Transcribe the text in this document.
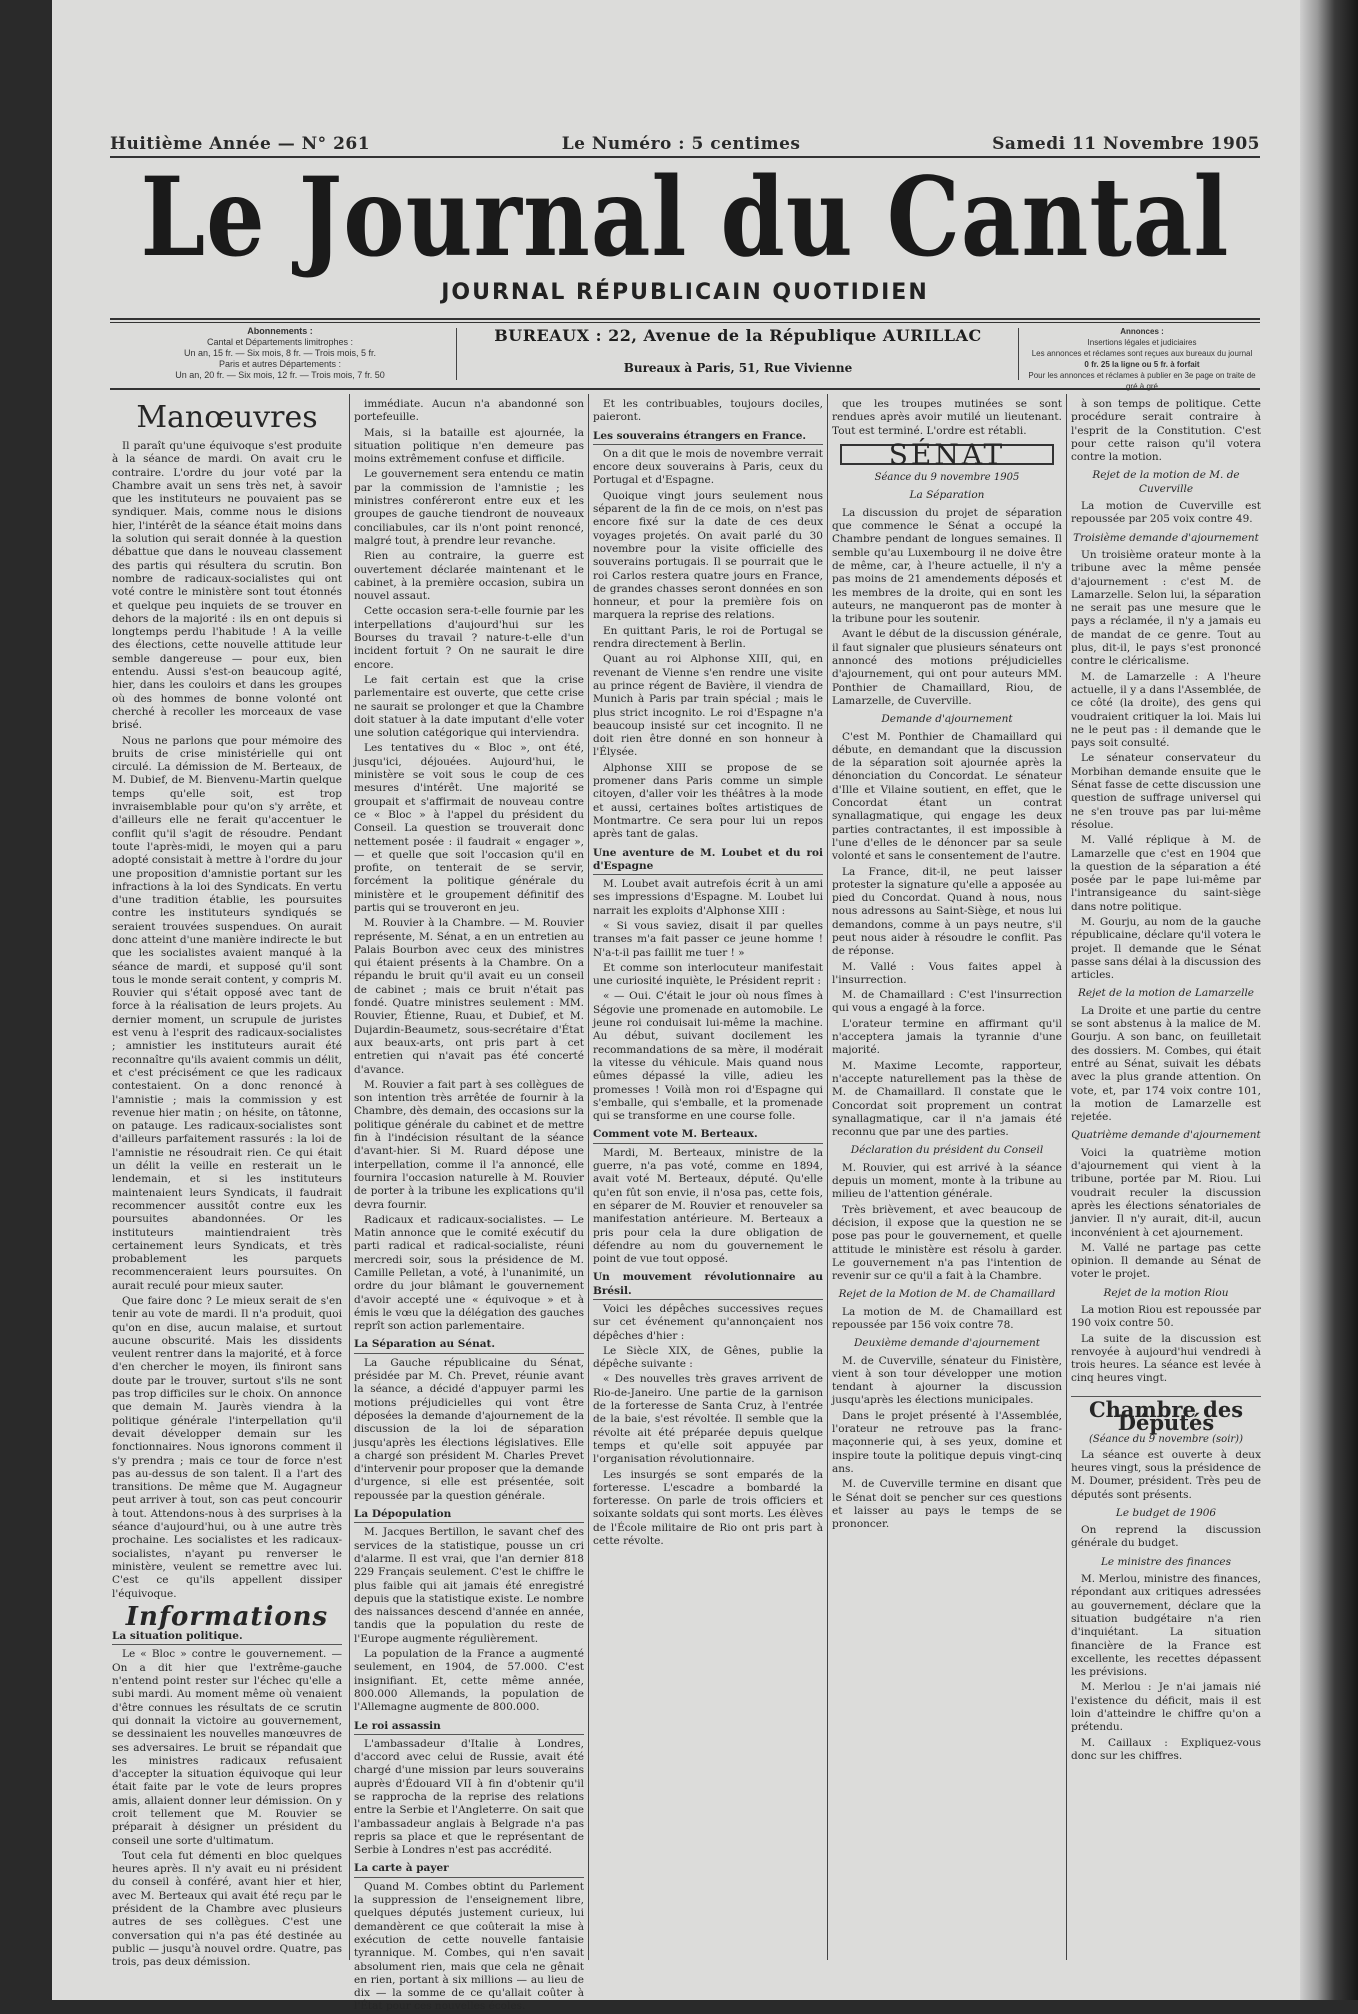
Huitième Année — N° 261	Le Numéro : 5 centimes	Samedi 11 Novembre 1905
Le Journal du Cantal
JOURNAL RÉPUBLICAIN QUOTIDIEN
Abonnements :
Cantal et Départements limitrophes :
Un an, 15 fr. — Six mois, 8 fr. — Trois mois, 5 fr.
Paris et autres Départements :
Un an, 20 fr. — Six mois, 12 fr. — Trois mois, 7 fr. 50
BUREAUX : 22, Avenue de la République AURILLAC
Bureaux à Paris, 51, Rue Vivienne
Annonces :
Insertions légales et judiciaires
Les annonces et réclames sont reçues aux bureaux du journal
0 fr. 25 la ligne ou 5 fr. à forfait
Pour les annonces et réclames à publier en 3e page on traite de gré à gré
Manœuvres

Il paraît qu'une équivoque s'est produite à la séance de mardi. On avait cru le contraire. L'ordre du jour voté par la Chambre avait un sens très net, à savoir que les instituteurs ne pouvaient pas se syndiquer. Mais, comme nous le disions hier, l'intérêt de la séance était moins dans la solution qui serait donnée à la question débattue que dans le nouveau classement des partis qui résultera du scrutin. Bon nombre de radicaux-socialistes qui ont voté contre le ministère sont tout étonnés et quelque peu inquiets de se trouver en dehors de la majorité : ils en ont depuis si longtemps perdu l'habitude ! A la veille des élections, cette nouvelle attitude leur semble dangereuse — pour eux, bien entendu. Aussi s'est-on beaucoup agité, hier, dans les couloirs et dans les groupes où des hommes de bonne volonté ont cherché à recoller les morceaux de vase brisé.

Nous ne parlons que pour mémoire des bruits de crise ministérielle qui ont circulé. La démission de M. Berteaux, de M. Dubief, de M. Bienvenu-Martin quelque temps qu'elle soit, est trop invraisemblable pour qu'on s'y arrête, et d'ailleurs elle ne ferait qu'accentuer le conflit qu'il s'agit de résoudre. Pendant toute l'après-midi, le moyen qui a paru adopté consistait à mettre à l'ordre du jour une proposition d'amnistie portant sur les infractions à la loi des Syndicats. En vertu d'une tradition établie, les poursuites contre les instituteurs syndiqués se seraient trouvées suspendues. On aurait donc atteint d'une manière indirecte le but que les socialistes avaient manqué à la séance de mardi, et supposé qu'il sont tous le monde serait content, y compris M. Rouvier qui s'était opposé avec tant de force à la réalisation de leurs projets. Au dernier moment, un scrupule de juristes est venu à l'esprit des radicaux-socialistes ; amnistier les instituteurs aurait été reconnaître qu'ils avaient commis un délit, et c'est précisément ce que les radicaux contestaient. On a donc renoncé à l'amnistie ; mais la commission y est revenue hier matin ; on hésite, on tâtonne, on patauge. Les radicaux-socialistes sont d'ailleurs parfaitement rassurés : la loi de l'amnistie ne résoudrait rien. Ce qui était un délit la veille en resterait un le lendemain, et si les instituteurs maintenaient leurs Syndicats, il faudrait recommencer aussitôt contre eux les poursuites abandonnées. Or les instituteurs maintiendraient très certainement leurs Syndicats, et très probablement les parquets recommenceraient leurs poursuites. On aurait reculé pour mieux sauter.

Que faire donc ? Le mieux serait de s'en tenir au vote de mardi. Il n'a produit, quoi qu'on en dise, aucun malaise, et surtout aucune obscurité. Mais les dissidents veulent rentrer dans la majorité, et à force d'en chercher le moyen, ils finiront sans doute par le trouver, surtout s'ils ne sont pas trop difficiles sur le choix. On annonce que demain M. Jaurès viendra à la politique générale l'interpellation qu'il devait développer demain sur les fonctionnaires. Nous ignorons comment il s'y prendra ; mais ce tour de force n'est pas au-dessus de son talent. Il a l'art des transitions. De même que M. Augagneur peut arriver à tout, son cas peut concourir à tout. Attendons-nous à des surprises à la séance d'aujourd'hui, ou à une autre très prochaine. Les socialistes et les radicaux-socialistes, n'ayant pu renverser le ministère, veulent se remettre avec lui. C'est ce qu'ils appellent dissiper l'équivoque.

Informations
La situation politique.

Le « Bloc » contre le gouvernement. — On a dit hier que l'extrême-gauche n'entend point rester sur l'échec qu'elle a subi mardi. Au moment même où venaient d'être connues les résultats de ce scrutin qui donnait la victoire au gouvernement, se dessinaient les nouvelles manœuvres de ses adversaires. Le bruit se répandait que les ministres radicaux refusaient d'accepter la situation équivoque qui leur était faite par le vote de leurs propres amis, allaient donner leur démission. On y croit tellement que M. Rouvier se préparait à désigner un président du conseil une sorte d'ultimatum.

Tout cela fut démenti en bloc quelques heures après. Il n'y avait eu ni président du conseil à conféré, avant hier et hier, avec M. Berteaux qui avait été reçu par le président de la Chambre avec plusieurs autres de ses collègues. C'est une conversation qui n'a pas été destinée au public — jusqu'à nouvel ordre. Quatre, pas trois, pas deux démission.

immédiate. Aucun n'a abandonné son portefeuille.

Mais, si la bataille est ajournée, la situation politique n'en demeure pas moins extrêmement confuse et difficile.

Le gouvernement sera entendu ce matin par la commission de l'amnistie ; les ministres conféreront entre eux et les groupes de gauche tiendront de nouveaux conciliabules, car ils n'ont point renoncé, malgré tout, à prendre leur revanche.

Rien au contraire, la guerre est ouvertement déclarée maintenant et le cabinet, à la première occasion, subira un nouvel assaut.

Cette occasion sera-t-elle fournie par les interpellations d'aujourd'hui sur les Bourses du travail ? nature-t-elle d'un incident fortuit ? On ne saurait le dire encore.

Le fait certain est que la crise parlementaire est ouverte, que cette crise ne saurait se prolonger et que la Chambre doit statuer à la date imputant d'elle voter une solution catégorique qui interviendra.

Les tentatives du « Bloc », ont été, jusqu'ici, déjouées. Aujourd'hui, le ministère se voit sous le coup de ces mesures d'intérêt. Une majorité se groupait et s'affirmait de nouveau contre ce « Bloc » à l'appel du président du Conseil. La question se trouverait donc nettement posée : il faudrait « engager », — et quelle que soit l'occasion qu'il en profite, on tenterait de se servir, forcément la politique générale du ministère et le groupement définitif des partis qui se trouveront en jeu.

M. Rouvier à la Chambre. — M. Rouvier représente, M. Sénat, a en un entretien au Palais Bourbon avec ceux des ministres qui étaient présents à la Chambre. On a répandu le bruit qu'il avait eu un conseil de cabinet ; mais ce bruit n'était pas fondé. Quatre ministres seulement : MM. Rouvier, Étienne, Ruau, et Dubief, et M. Dujardin-Beaumetz, sous-secrétaire d'État aux beaux-arts, ont pris part à cet entretien qui n'avait pas été concerté d'avance.

M. Rouvier a fait part à ses collègues de son intention très arrêtée de fournir à la Chambre, dès demain, des occasions sur la politique générale du cabinet et de mettre fin à l'indécision résultant de la séance d'avant-hier. Si M. Ruard dépose une interpellation, comme il l'a annoncé, elle fournira l'occasion naturelle à M. Rouvier de porter à la tribune les explications qu'il devra fournir.

Radicaux et radicaux-socialistes. — Le Matin annonce que le comité exécutif du parti radical et radical-socialiste, réuni mercredi soir, sous la présidence de M. Camille Pelletan, a voté, à l'unanimité, un ordre du jour blâmant le gouvernement d'avoir accepté une « équivoque » et à émis le vœu que la délégation des gauches reprît son action parlementaire.

La Séparation au Sénat.

La Gauche républicaine du Sénat, présidée par M. Ch. Prevet, réunie avant la séance, a décidé d'appuyer parmi les motions préjudicielles qui vont être déposées la demande d'ajournement de la discussion de la loi de séparation jusqu'après les élections législatives. Elle a chargé son président M. Charles Prevet d'intervenir pour proposer que la demande d'urgence, si elle est présentée, soit repoussée par la question générale.

La Dépopulation

M. Jacques Bertillon, le savant chef des services de la statistique, pousse un cri d'alarme. Il est vrai, que l'an dernier 818 229 Français seulement. C'est le chiffre le plus faible qui ait jamais été enregistré depuis que la statistique existe. Le nombre des naissances descend d'année en année, tandis que la population du reste de l'Europe augmente régulièrement.

La population de la France a augmenté seulement, en 1904, de 57.000. C'est insignifiant. Et, cette même année, 800.000 Allemands, la population de l'Allemagne augmente de 800.000.

Le roi assassin

L'ambassadeur d'Italie à Londres, d'accord avec celui de Russie, avait été chargé d'une mission par leurs souverains auprès d'Édouard VII à fin d'obtenir qu'il se rapprocha de la reprise des relations entre la Serbie et l'Angleterre. On sait que l'ambassadeur anglais à Belgrade n'a pas repris sa place et que le représentant de Serbie à Londres n'est pas accrédité.

La carte à payer

Quand M. Combes obtint du Parlement la suppression de l'enseignement libre, quelques députés justement curieux, lui demandèrent ce que coûterait la mise à exécution de cette nouvelle fantaisie tyrannique. M. Combes, qui n'en savait absolument rien, mais que cela ne gênait en rien, portant à six millions — au lieu de dix — la somme de ce qu'allait coûter à l'État pour ces nouvelles écoles.

Et les contribuables, toujours dociles, paieront.

Les souverains étrangers en France.

On a dit que le mois de novembre verrait encore deux souverains à Paris, ceux du Portugal et d'Espagne.

Quoique vingt jours seulement nous séparent de la fin de ce mois, on n'est pas encore fixé sur la date de ces deux voyages projetés. On avait parlé du 30 novembre pour la visite officielle des souverains portugais. Il se pourrait que le roi Carlos restera quatre jours en France, de grandes chasses seront données en son honneur, et pour la première fois on marquera la reprise des relations.

En quittant Paris, le roi de Portugal se rendra directement à Berlin.

Quant au roi Alphonse XIII, qui, en revenant de Vienne s'en rendre une visite au prince régent de Bavière, il viendra de Munich à Paris par train spécial ; mais le plus strict incognito. Le roi d'Espagne n'a beaucoup insisté sur cet incognito. Il ne doit rien être donné en son honneur à l'Élysée.

Alphonse XIII se propose de se promener dans Paris comme un simple citoyen, d'aller voir les théâtres à la mode et aussi, certaines boîtes artistiques de Montmartre. Ce sera pour lui un repos après tant de galas.

Une aventure de M. Loubet et du roi d'Espagne

M. Loubet avait autrefois écrit à un ami ses impressions d'Espagne. M. Loubet lui narrait les exploits d'Alphonse XIII :

« Si vous saviez, disait il par quelles transes m'a fait passer ce jeune homme ! N'a-t-il pas faillit me tuer ! »

Et comme son interlocuteur manifestait une curiosité inquiète, le Président reprit :

« — Oui. C'était le jour où nous fîmes à Ségovie une promenade en automobile. Le jeune roi conduisait lui-même la machine. Au début, suivant docilement les recommandations de sa mère, il modérait la vitesse du véhicule. Mais quand nous eûmes dépassé la ville, adieu les promesses ! Voilà mon roi d'Espagne qui s'emballe, qui s'emballe, et la promenade qui se transforme en une course folle.

Comment vote M. Berteaux.

Mardi, M. Berteaux, ministre de la guerre, n'a pas voté, comme en 1894, avait voté M. Berteaux, député. Qu'elle qu'en fût son envie, il n'osa pas, cette fois, en séparer de M. Rouvier et renouveler sa manifestation antérieure. M. Berteaux a pris pour cela la dure obligation de défendre au nom du gouvernement le point de vue tout opposé.

Un mouvement révolutionnaire au Brésil.

Voici les dépêches successives reçues sur cet événement qu'annonçaient nos dépêches d'hier :

Le Siècle XIX, de Gênes, publie la dépêche suivante :

« Des nouvelles très graves arrivent de Rio-de-Janeiro. Une partie de la garnison de la forteresse de Santa Cruz, à l'entrée de la baie, s'est révoltée. Il semble que la révolte ait été préparée depuis quelque temps et qu'elle soit appuyée par l'organisation révolutionnaire.

Les insurgés se sont emparés de la forteresse. L'escadre a bombardé la forteresse. On parle de trois officiers et soixante soldats qui sont morts. Les élèves de l'École militaire de Rio ont pris part à cette révolte.

que les troupes mutinées se sont rendues après avoir mutilé un lieutenant. Tout est terminé. L'ordre est rétabli.

SÉNAT
Séance du 9 novembre 1905
La Séparation

La discussion du projet de séparation que commence le Sénat a occupé la Chambre pendant de longues semaines. Il semble qu'au Luxembourg il ne doive être de même, car, à l'heure actuelle, il n'y a pas moins de 21 amendements déposés et les membres de la droite, qui en sont les auteurs, ne manqueront pas de monter à la tribune pour les soutenir.

Avant le début de la discussion générale, il faut signaler que plusieurs sénateurs ont annoncé des motions préjudicielles d'ajournement, qui ont pour auteurs MM. Ponthier de Chamaillard, Riou, de Lamarzelle, de Cuverville.

Demande d'ajournement

C'est M. Ponthier de Chamaillard qui débute, en demandant que la discussion de la séparation soit ajournée après la dénonciation du Concordat. Le sénateur d'Ille et Vilaine soutient, en effet, que le Concordat étant un contrat synallagmatique, qui engage les deux parties contractantes, il est impossible à l'une d'elles de le dénoncer par sa seule volonté et sans le consentement de l'autre.

La France, dit-il, ne peut laisser protester la signature qu'elle a apposée au pied du Concordat. Quand à nous, nous nous adressons au Saint-Siège, et nous lui demandons, comme à un pays neutre, s'il peut nous aider à résoudre le conflit. Pas de réponse.

M. Vallé : Vous faites appel à l'insurrection.

M. de Chamaillard : C'est l'insurrection qui vous a engagé à la force.

L'orateur termine en affirmant qu'il n'acceptera jamais la tyrannie d'une majorité.

M. Maxime Lecomte, rapporteur, n'accepte naturellement pas la thèse de M. de Chamaillard. Il constate que le Concordat soit proprement un contrat synallagmatique, car il n'a jamais été reconnu que par une des parties.

Déclaration du président du Conseil

M. Rouvier, qui est arrivé à la séance depuis un moment, monte à la tribune au milieu de l'attention générale.

Très brièvement, et avec beaucoup de décision, il expose que la question ne se pose pas pour le gouvernement, et quelle attitude le ministère est résolu à garder. Le gouvernement n'a pas l'intention de revenir sur ce qu'il a fait à la Chambre.

Rejet de la Motion de M. de Chamaillard

La motion de M. de Chamaillard est repoussée par 156 voix contre 78.

Deuxième demande d'ajournement

M. de Cuverville, sénateur du Finistère, vient à son tour développer une motion tendant à ajourner la discussion jusqu'après les élections municipales.

Dans le projet présenté à l'Assemblée, l'orateur ne retrouve pas la franc-maçonnerie qui, à ses yeux, domine et inspire toute la politique depuis vingt-cinq ans.

M. de Cuverville termine en disant que le Sénat doit se pencher sur ces questions et laisser au pays le temps de se prononcer.

à son temps de politique. Cette procédure serait contraire à l'esprit de la Constitution. C'est pour cette raison qu'il votera contre la motion.

Rejet de la motion de M. de Cuverville

La motion de Cuverville est repoussée par 205 voix contre 49.

Troisième demande d'ajournement

Un troisième orateur monte à la tribune avec la même pensée d'ajournement : c'est M. de Lamarzelle. Selon lui, la séparation ne serait pas une mesure que le pays a réclamée, il n'y a jamais eu de mandat de ce genre. Tout au plus, dit-il, le pays s'est prononcé contre le cléricalisme.

M. de Lamarzelle : A l'heure actuelle, il y a dans l'Assemblée, de ce côté (la droite), des gens qui voudraient critiquer la loi. Mais lui ne le peut pas : il demande que le pays soit consulté.

Le sénateur conservateur du Morbihan demande ensuite que le Sénat fasse de cette discussion une question de suffrage universel qui ne s'en trouve pas par lui-même résolue.

M. Vallé réplique à M. de Lamarzelle que c'est en 1904 que la question de la séparation a été posée par le pape lui-même par l'intransigeance du saint-siège dans notre politique.

M. Gourju, au nom de la gauche républicaine, déclare qu'il votera le projet. Il demande que le Sénat passe sans délai à la discussion des articles.

Rejet de la motion de Lamarzelle

La Droite et une partie du centre se sont abstenus à la malice de M. Gourju. A son banc, on feuilletait des dossiers. M. Combes, qui était entré au Sénat, suivait les débats avec la plus grande attention. On vote, et, par 174 voix contre 101, la motion de Lamarzelle est rejetée.

Quatrième demande d'ajournement

Voici la quatrième motion d'ajournement qui vient à la tribune, portée par M. Riou. Lui voudrait reculer la discussion après les élections sénatoriales de janvier. Il n'y aurait, dit-il, aucun inconvénient à cet ajournement.

M. Vallé ne partage pas cette opinion. Il demande au Sénat de voter le projet.

Rejet de la motion Riou

La motion Riou est repoussée par 190 voix contre 50.

La suite de la discussion est renvoyée à aujourd'hui vendredi à trois heures. La séance est levée à cinq heures vingt.

Chambre des Députés
(Séance du 9 novembre (soir))

La séance est ouverte à deux heures vingt, sous la présidence de M. Doumer, président. Très peu de députés sont présents.

Le budget de 1906

On reprend la discussion générale du budget.

Le ministre des finances

M. Merlou, ministre des finances, répondant aux critiques adressées au gouvernement, déclare que la situation budgétaire n'a rien d'inquiétant. La situation financière de la France est excellente, les recettes dépassent les prévisions.

M. Merlou : Je n'ai jamais nié l'existence du déficit, mais il est loin d'atteindre le chiffre qu'on a prétendu.

M. Caillaux : Expliquez-vous donc sur les chiffres.
